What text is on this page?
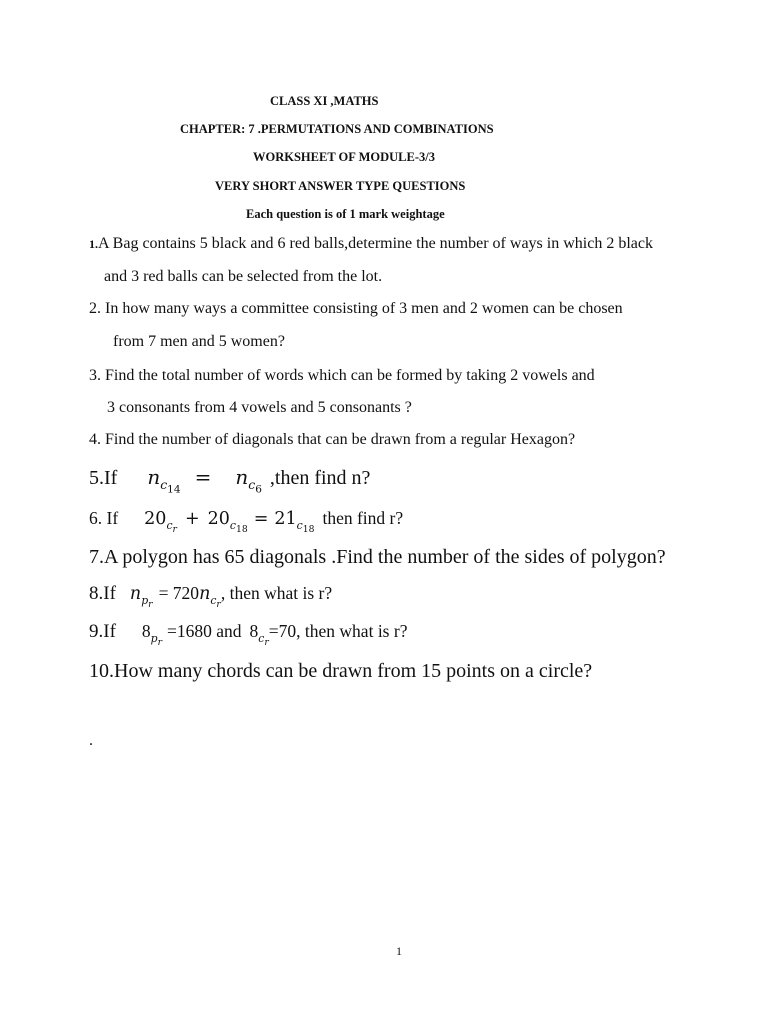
CLASS XI ,MATHS
CHAPTER: 7 .PERMUTATIONS AND COMBINATIONS
WORKSHEET OF MODULE-3/3
VERY SHORT ANSWER TYPE QUESTIONS
Each question is of 1 mark weightage
1.A Bag contains 5 black and 6 red balls,determine the number of ways in which 2 black
and 3 red balls can be selected from the lot.
2. In how many ways a committee consisting of 3 men and 2 women can be chosen
from 7 men and 5 women?
3. Find the total number of words which can be formed by taking 2 vowels and
3 consonants from 4 vowels and 5 consonants ?
4. Find the number of diagonals that can be drawn from a regular Hexagon?
5.If $n_{c_{14}}=$ $n_{c_6},then$ find n?
6. If $20_{c_r}+ 20_{c_{18}}=$ $21_{c_{18}}then$ find r?
7.A polygon has 65 diagonals .Find the number of the sides of polygon?
8.If $n_{p_r}= 720n_{c_r}$, then what is r?
9.If $8_{p_r}=1680$ and $8_{c_r}=70$, then what is r?
10.How many chords can be drawn from 15 points on a circle?
.
1
